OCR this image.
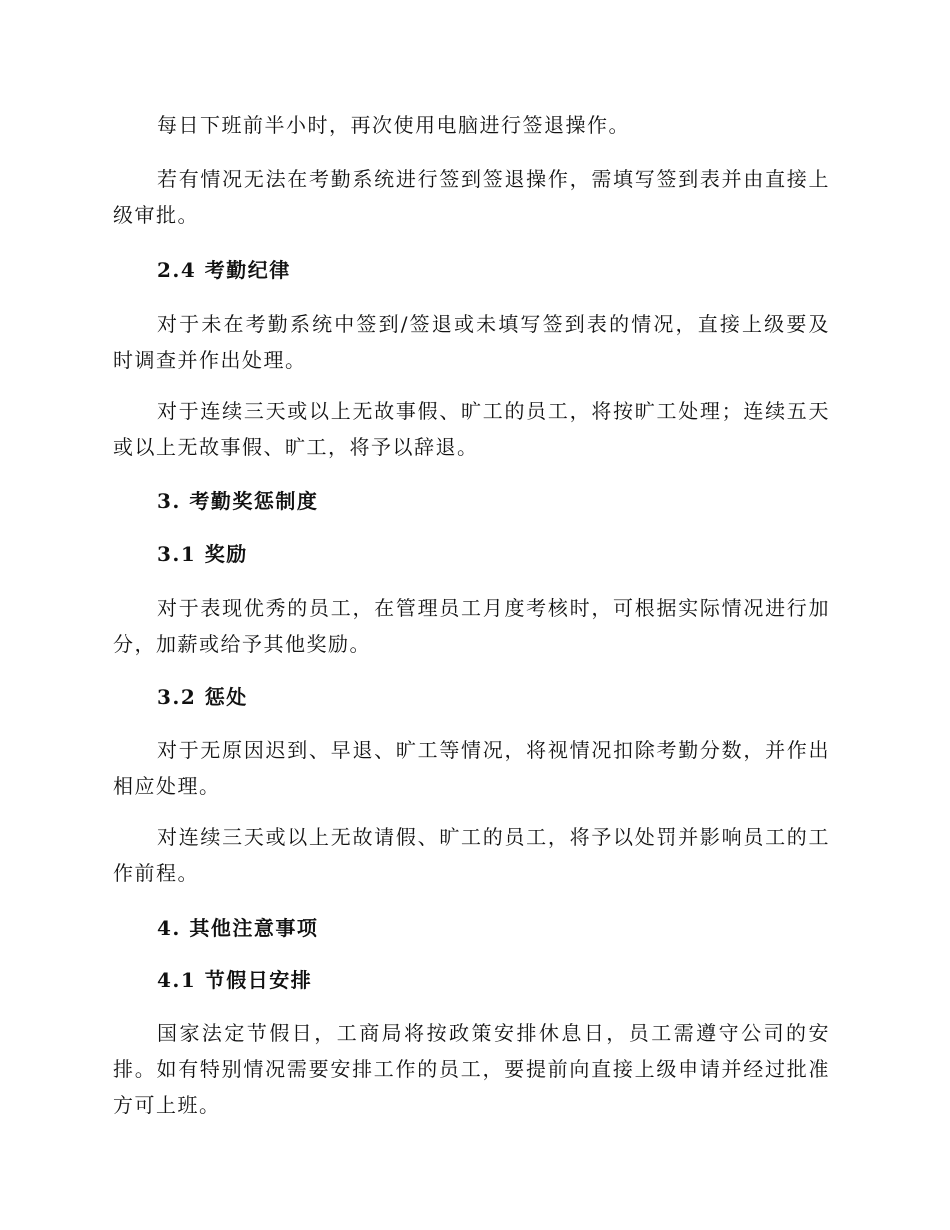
每日下班前半小时，再次使用电脑进行签退操作。

若有情况无法在考勤系统进行签到签退操作，需填写签到表并由直接上级审批。

2.4 考勤纪律

对于未在考勤系统中签到/签退或未填写签到表的情况，直接上级要及时调查并作出处理。

对于连续三天或以上无故事假、旷工的员工，将按旷工处理；连续五天或以上无故事假、旷工，将予以辞退。

3. 考勤奖惩制度

3.1 奖励

对于表现优秀的员工，在管理员工月度考核时，可根据实际情况进行加分，加薪或给予其他奖励。

3.2 惩处

对于无原因迟到、早退、旷工等情况，将视情况扣除考勤分数，并作出相应处理。

对连续三天或以上无故请假、旷工的员工，将予以处罚并影响员工的工作前程。

4. 其他注意事项

4.1 节假日安排

国家法定节假日，工商局将按政策安排休息日，员工需遵守公司的安排。如有特别情况需要安排工作的员工，要提前向直接上级申请并经过批准方可上班。
